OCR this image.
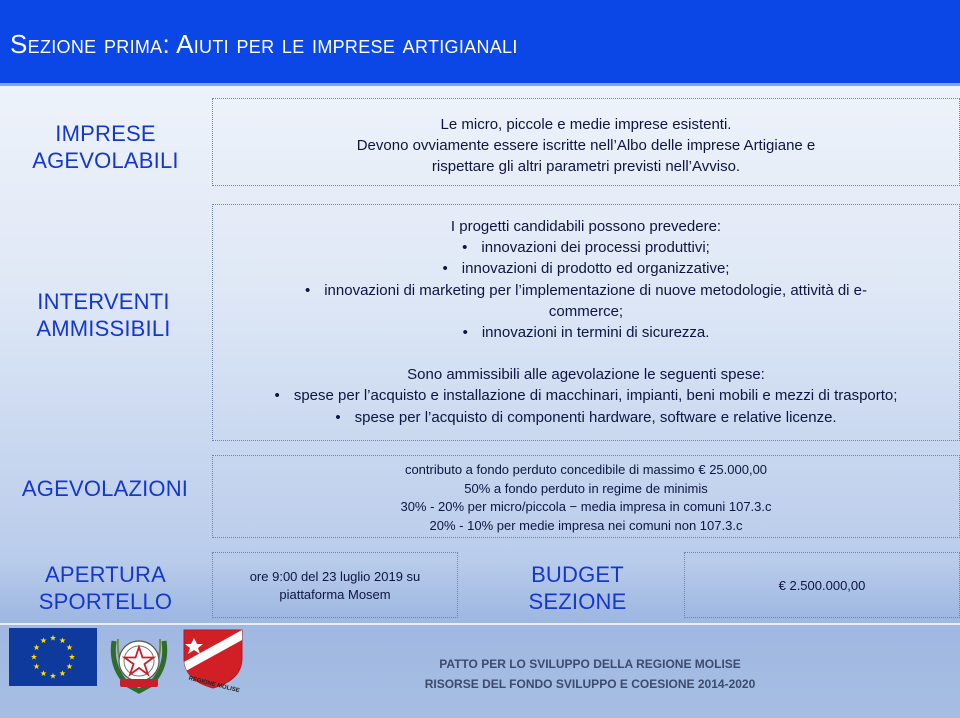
Sezione prima: Aiuti per le imprese artigianali
IMPRESE
AGEVOLABILI
Le micro, piccole e medie imprese esistenti.
Devono ovviamente essere iscritte nell’Albo delle imprese Artigiane e
rispettare gli altri parametri previsti nell’Avviso.
INTERVENTI
AMMISSIBILI
I progetti candidabili possono prevedere:
• innovazioni dei processi produttivi;
• innovazioni di prodotto ed organizzative;
• innovazioni di marketing per l’implementazione di nuove metodologie, attività di e-
commerce;
• innovazioni in termini di sicurezza.
Sono ammissibili alle agevolazione le seguenti spese:
• spese per l’acquisto e installazione di macchinari, impianti, beni mobili e mezzi di trasporto;
• spese per l’acquisto di componenti hardware, software e relative licenze.
AGEVOLAZIONI
contributo a fondo perduto concedibile di massimo € 25.000,00
50% a fondo perduto in regime de minimis
30% - 20% per micro/piccola − media impresa in comuni 107.3.c
20% - 10% per medie impresa nei comuni non 107.3.c
APERTURA
SPORTELLO
ore 9:00 del 23 luglio 2019 su
piattaforma Mosem
BUDGET
SEZIONE
€ 2.500.000,00
REGIONE MOLISE
PATTO PER LO SVILUPPO DELLA REGIONE MOLISE
RISORSE DEL FONDO SVILUPPO E COESIONE 2014-2020
